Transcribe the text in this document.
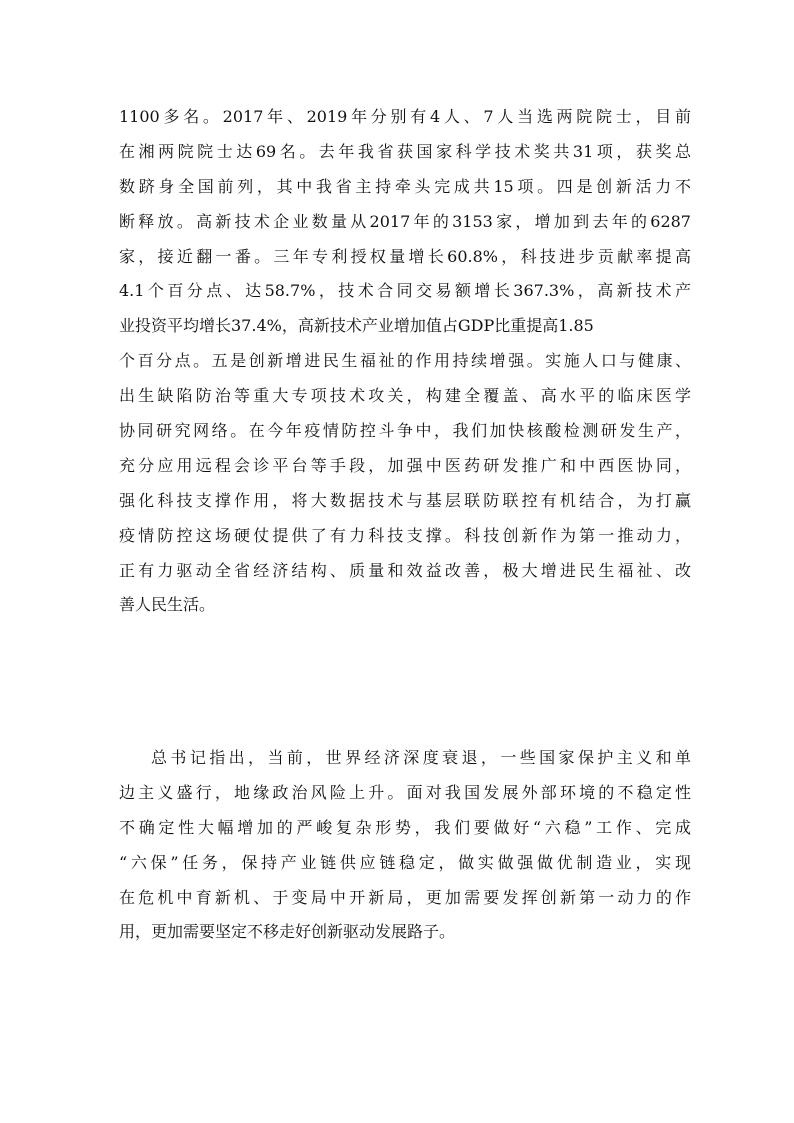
1100多名。2017年、2019年分别有4人、7人当选两院院士，目前
在湘两院院士达69名。去年我省获国家科学技术奖共31项，获奖总
数跻身全国前列，其中我省主持牵头完成共15项。四是创新活力不
断释放。高新技术企业数量从2017年的3153家，增加到去年的6287
家，接近翻一番。三年专利授权量增长60.8%，科技进步贡献率提高
4.1个百分点、达58.7%，技术合同交易额增长367.3%，高新技术产
业投资平均增长37.4%，高新技术产业增加值占GDP比重提高1.85
个百分点。五是创新增进民生福祉的作用持续增强。实施人口与健康、
出生缺陷防治等重大专项技术攻关，构建全覆盖、高水平的临床医学
协同研究网络。在今年疫情防控斗争中，我们加快核酸检测研发生产，
充分应用远程会诊平台等手段，加强中医药研发推广和中西医协同，
强化科技支撑作用，将大数据技术与基层联防联控有机结合，为打赢
疫情防控这场硬仗提供了有力科技支撑。科技创新作为第一推动力，
正有力驱动全省经济结构、质量和效益改善，极大增进民生福祉、改
善人民生活。
总书记指出，当前，世界经济深度衰退，一些国家保护主义和单
边主义盛行，地缘政治风险上升。面对我国发展外部环境的不稳定性
不确定性大幅增加的严峻复杂形势，我们要做好“六稳”工作、完成
“六保”任务，保持产业链供应链稳定，做实做强做优制造业，实现
在危机中育新机、于变局中开新局，更加需要发挥创新第一动力的作
用，更加需要坚定不移走好创新驱动发展路子。
